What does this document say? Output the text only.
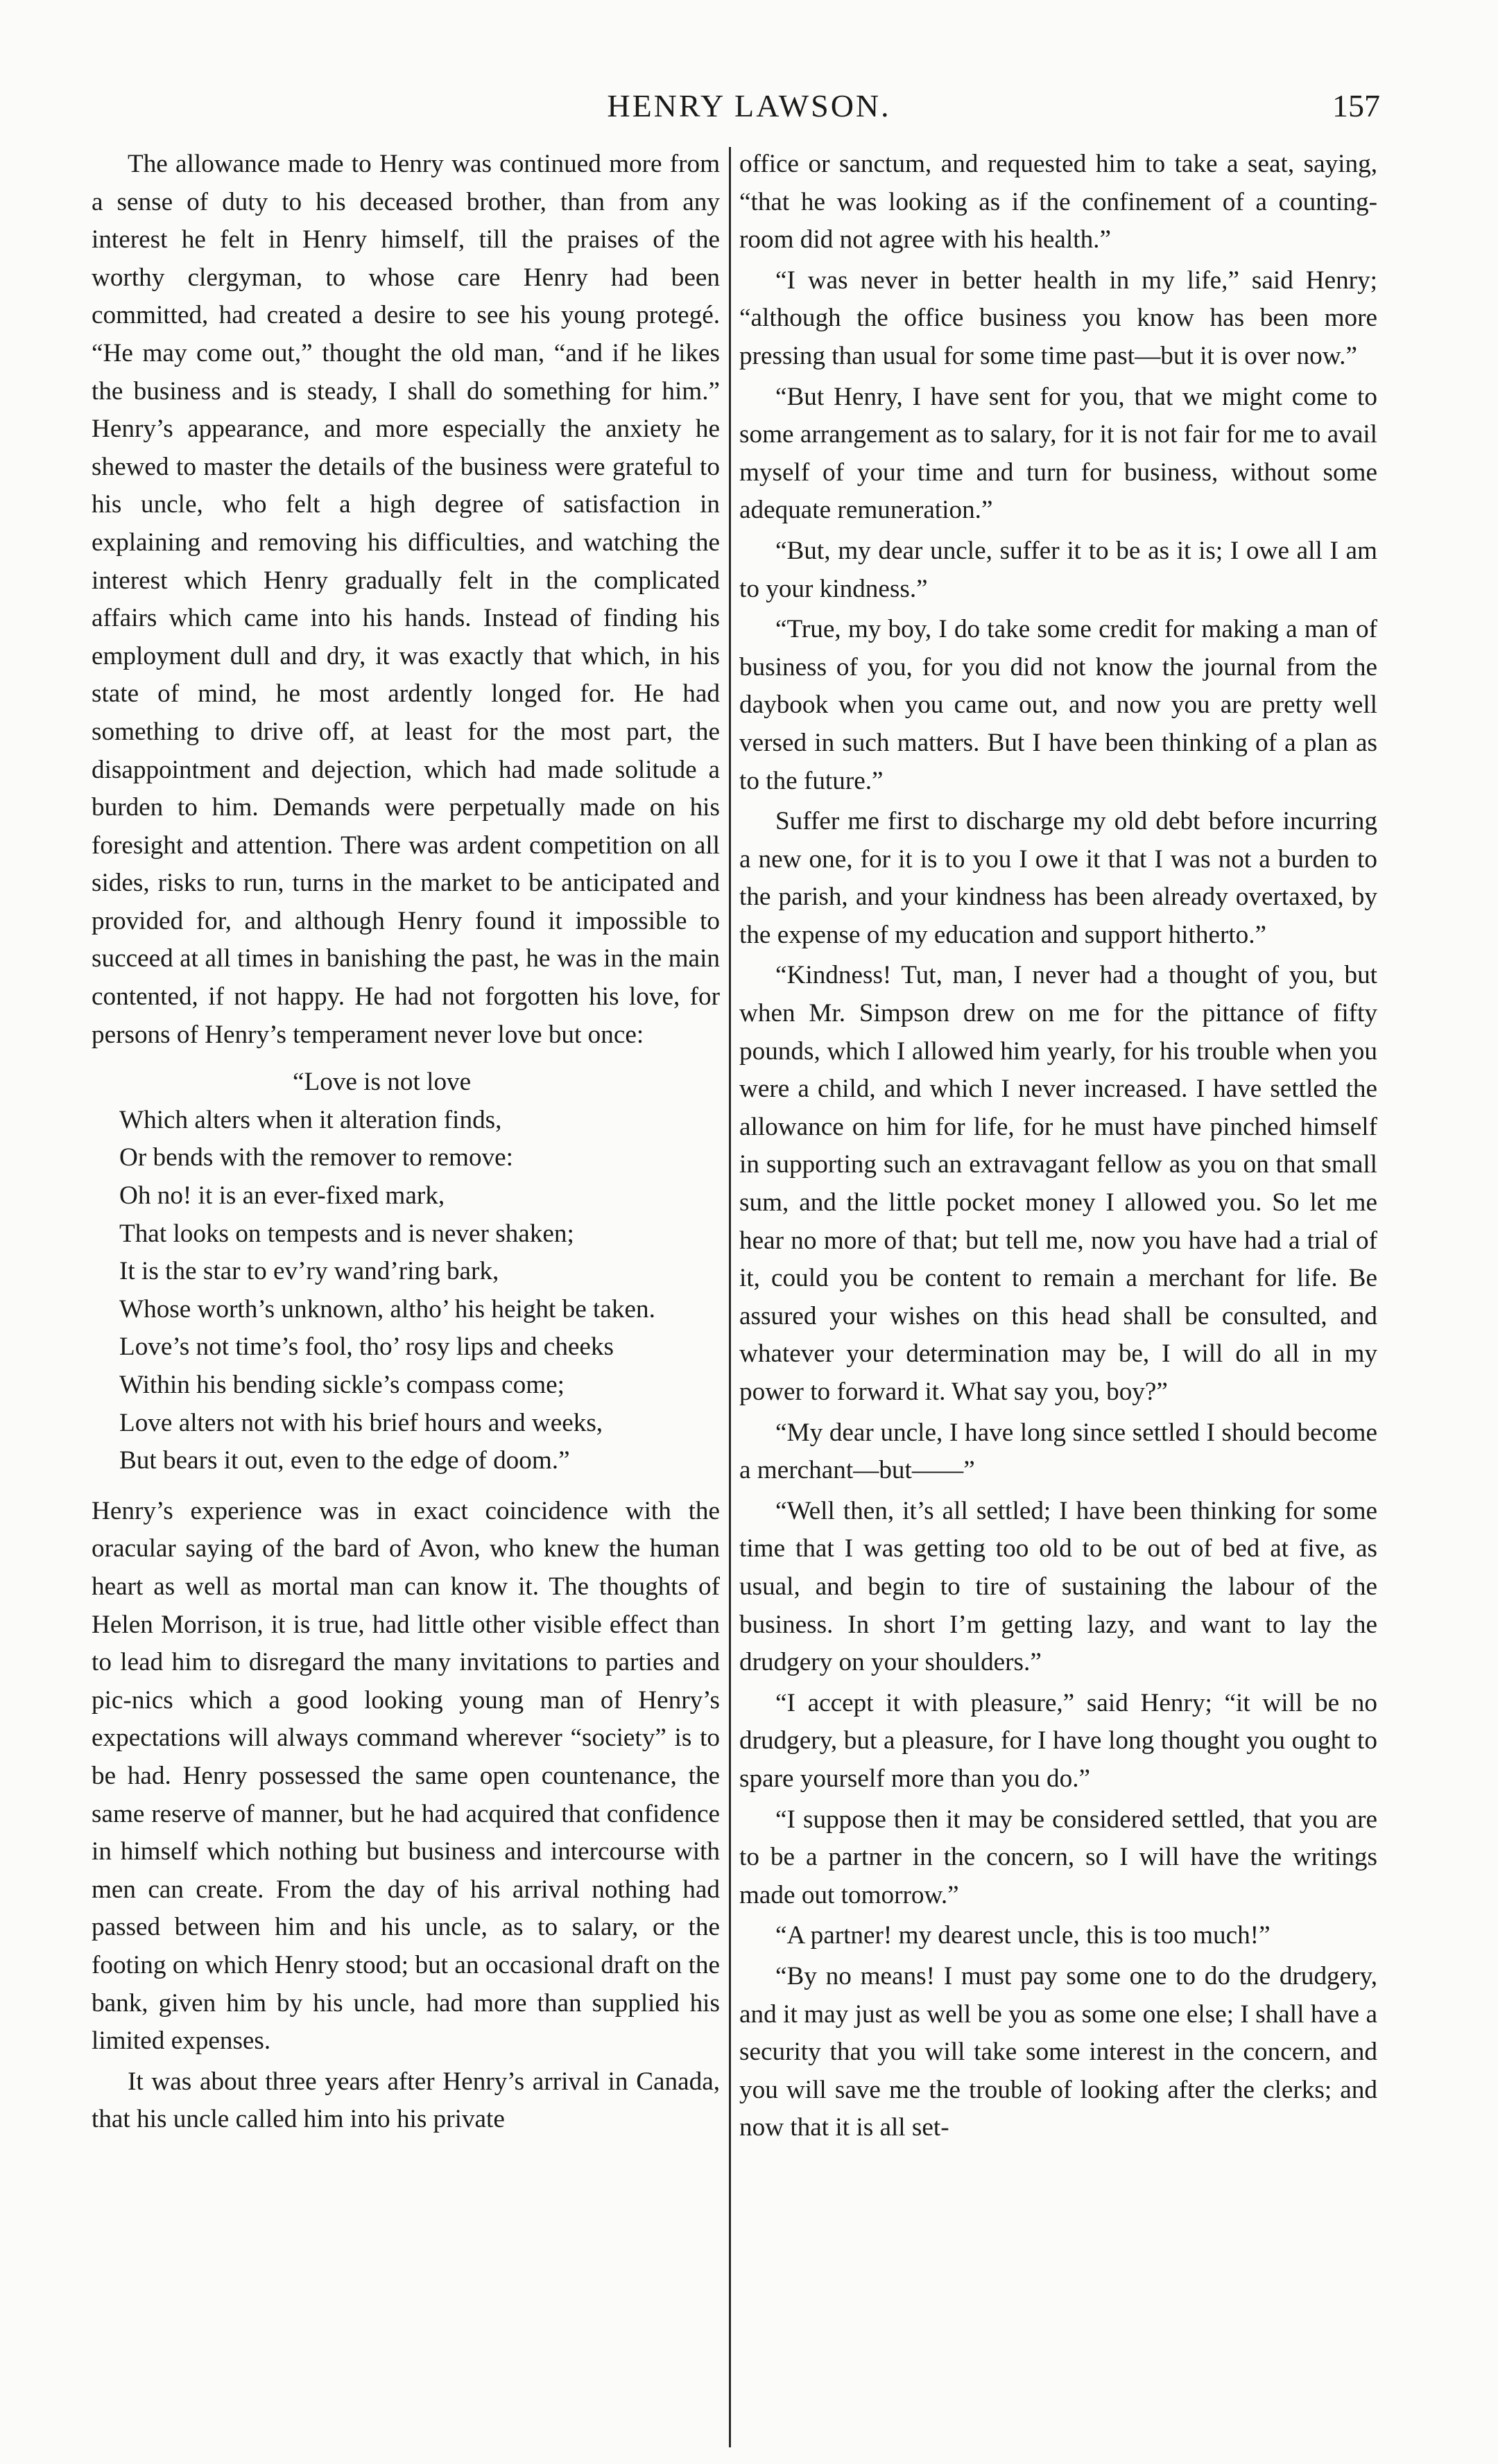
HENRY LAWSON.	157

The allowance made to Henry was continued more from a sense of duty to his deceased brother, than from any interest he felt in Henry himself, till the praises of the worthy clergyman, to whose care Henry had been committed, had created a desire to see his young protegé. “He may come out,” thought the old man, “and if he likes the business and is steady, I shall do something for him.” Henry’s appearance, and more especially the anxiety he shewed to master the details of the business were grateful to his uncle, who felt a high degree of satisfaction in explaining and removing his difficulties, and watching the interest which Henry gradually felt in the complicated affairs which came into his hands. Instead of finding his employment dull and dry, it was exactly that which, in his state of mind, he most ardently longed for. He had something to drive off, at least for the most part, the disappointment and dejection, which had made solitude a burden to him. Demands were perpetually made on his foresight and attention. There was ardent competition on all sides, risks to run, turns in the market to be anticipated and provided for, and although Henry found it impossible to succeed at all times in banishing the past, he was in the main contented, if not happy. He had not forgotten his love, for persons of Henry’s temperament never love but once:

“Love is not love
Which alters when it alteration finds,
Or bends with the remover to remove:
Oh no! it is an ever-fixed mark,
That looks on tempests and is never shaken;
It is the star to ev’ry wand’ring bark,
Whose worth’s unknown, altho’ his height be taken.
Love’s not time’s fool, tho’ rosy lips and cheeks
Within his bending sickle’s compass come;
Love alters not with his brief hours and weeks,
But bears it out, even to the edge of doom.”

Henry’s experience was in exact coincidence with the oracular saying of the bard of Avon, who knew the human heart as well as mortal man can know it. The thoughts of Helen Morrison, it is true, had little other visible effect than to lead him to disregard the many invitations to parties and pic-nics which a good looking young man of Henry’s expectations will always command wherever “society” is to be had. Henry possessed the same open countenance, the same reserve of manner, but he had acquired that confidence in himself which nothing but business and intercourse with men can create. From the day of his arrival nothing had passed between him and his uncle, as to salary, or the footing on which Henry stood; but an occasional draft on the bank, given him by his uncle, had more than supplied his limited expenses.

It was about three years after Henry’s arrival in Canada, that his uncle called him into his private

office or sanctum, and requested him to take a seat, saying, “that he was looking as if the confinement of a counting-room did not agree with his health.”

“I was never in better health in my life,” said Henry; “although the office business you know has been more pressing than usual for some time past—but it is over now.”

“But Henry, I have sent for you, that we might come to some arrangement as to salary, for it is not fair for me to avail myself of your time and turn for business, without some adequate remuneration.”

“But, my dear uncle, suffer it to be as it is; I owe all I am to your kindness.”

“True, my boy, I do take some credit for making a man of business of you, for you did not know the journal from the daybook when you came out, and now you are pretty well versed in such matters. But I have been thinking of a plan as to the future.”

Suffer me first to discharge my old debt before incurring a new one, for it is to you I owe it that I was not a burden to the parish, and your kindness has been already overtaxed, by the expense of my education and support hitherto.”

“Kindness! Tut, man, I never had a thought of you, but when Mr. Simpson drew on me for the pittance of fifty pounds, which I allowed him yearly, for his trouble when you were a child, and which I never increased. I have settled the allowance on him for life, for he must have pinched himself in supporting such an extravagant fellow as you on that small sum, and the little pocket money I allowed you. So let me hear no more of that; but tell me, now you have had a trial of it, could you be content to remain a merchant for life. Be assured your wishes on this head shall be consulted, and whatever your determination may be, I will do all in my power to forward it. What say you, boy?”

“My dear uncle, I have long since settled I should become a merchant—but——”

“Well then, it’s all settled; I have been thinking for some time that I was getting too old to be out of bed at five, as usual, and begin to tire of sustaining the labour of the business. In short I’m getting lazy, and want to lay the drudgery on your shoulders.”

“I accept it with pleasure,” said Henry; “it will be no drudgery, but a pleasure, for I have long thought you ought to spare yourself more than you do.”

“I suppose then it may be considered settled, that you are to be a partner in the concern, so I will have the writings made out tomorrow.”

“A partner! my dearest uncle, this is too much!”

“By no means! I must pay some one to do the drudgery, and it may just as well be you as some one else; I shall have a security that you will take some interest in the concern, and you will save me the trouble of looking after the clerks; and now that it is all set-
